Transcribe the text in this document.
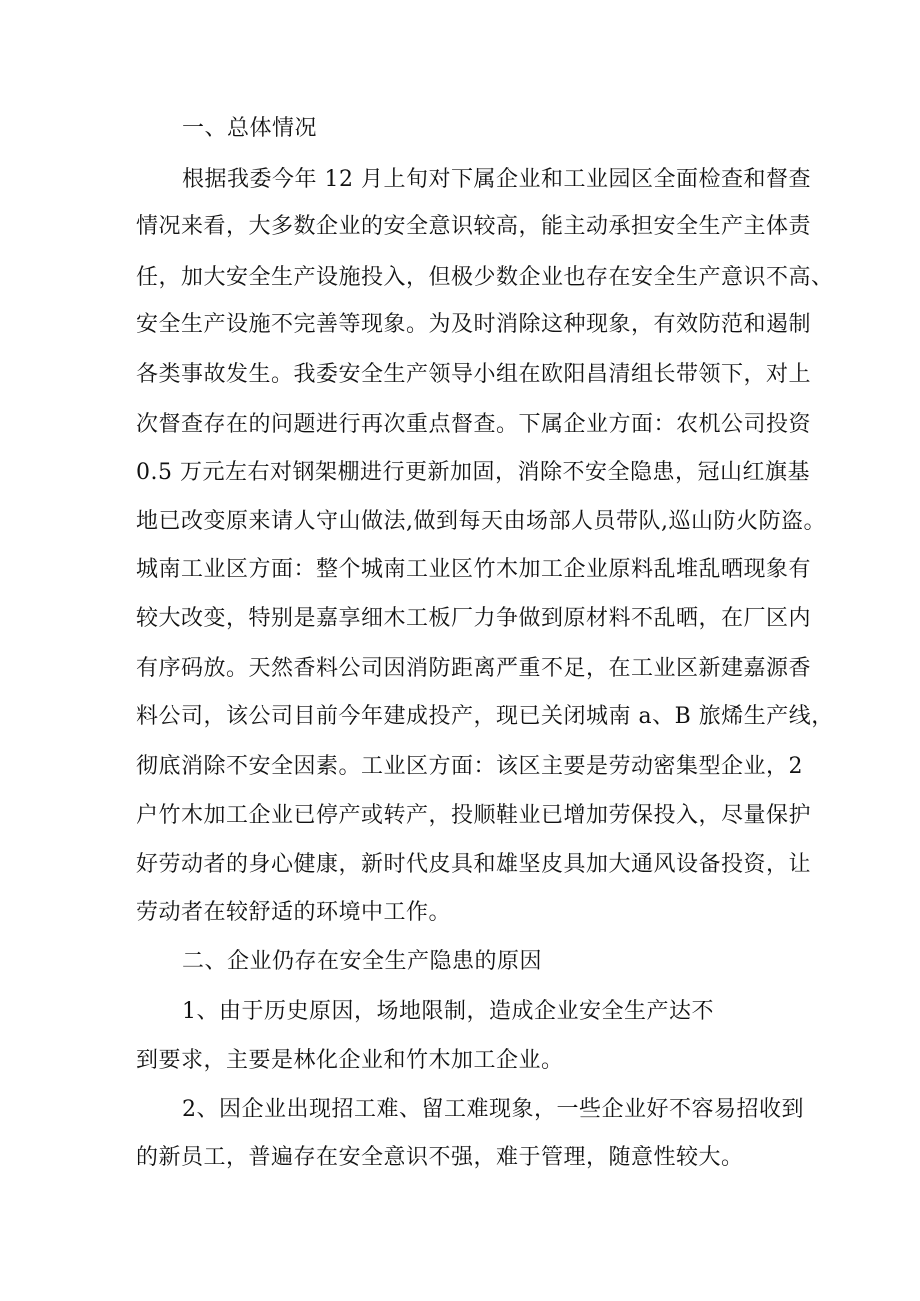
一、总体情况
根据我委今年 12 月上旬对下属企业和工业园区全面检查和督查
情况来看，大多数企业的安全意识较高，能主动承担安全生产主体责
任，加大安全生产设施投入，但极少数企业也存在安全生产意识不高、
安全生产设施不完善等现象。为及时消除这种现象，有效防范和遏制
各类事故发生。我委安全生产领导小组在欧阳昌清组长带领下，对上
次督查存在的问题进行再次重点督查。下属企业方面：农机公司投资
0.5 万元左右对钢架棚进行更新加固，消除不安全隐患，冠山红旗基
地已改变原来请人守山做法,做到每天由场部人员带队,巡山防火防盗。
城南工业区方面：整个城南工业区竹木加工企业原料乱堆乱晒现象有
较大改变，特别是嘉享细木工板厂力争做到原材料不乱晒，在厂区内
有序码放。天然香料公司因消防距离严重不足，在工业区新建嘉源香
料公司，该公司目前今年建成投产，现已关闭城南 a、B 旅烯生产线，
彻底消除不安全因素。工业区方面：该区主要是劳动密集型企业，2
户竹木加工企业已停产或转产，投顺鞋业已增加劳保投入，尽量保护
好劳动者的身心健康，新时代皮具和雄坚皮具加大通风设备投资，让
劳动者在较舒适的环境中工作。
二、企业仍存在安全生产隐患的原因
1、由于历史原因，场地限制，造成企业安全生产达不
到要求，主要是林化企业和竹木加工企业。
2、因企业出现招工难、留工难现象，一些企业好不容易招收到
的新员工，普遍存在安全意识不强，难于管理，随意性较大。
